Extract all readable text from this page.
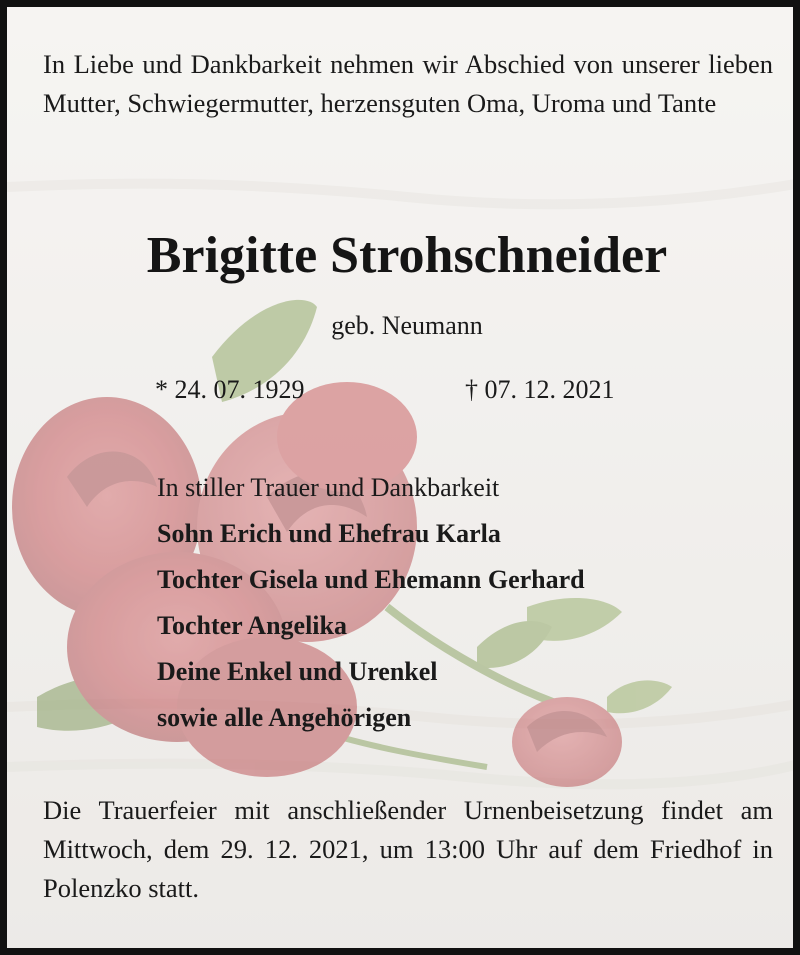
In Liebe und Dankbarkeit nehmen wir Abschied von unserer lieben Mutter, Schwiegermutter, herzensguten Oma, Uroma und Tante

Brigitte Strohschneider
geb. Neumann
* 24. 07. 1929	† 07. 12. 2021
In stiller Trauer und Dankbarkeit
Sohn Erich und Ehefrau Karla
Tochter Gisela und Ehemann Gerhard
Tochter Angelika
Deine Enkel und Urenkel
sowie alle Angehörigen

Die Trauerfeier mit anschließender Urnenbeisetzung findet am Mittwoch, dem 29. 12. 2021, um 13:00 Uhr auf dem Friedhof in Polenzko statt.
